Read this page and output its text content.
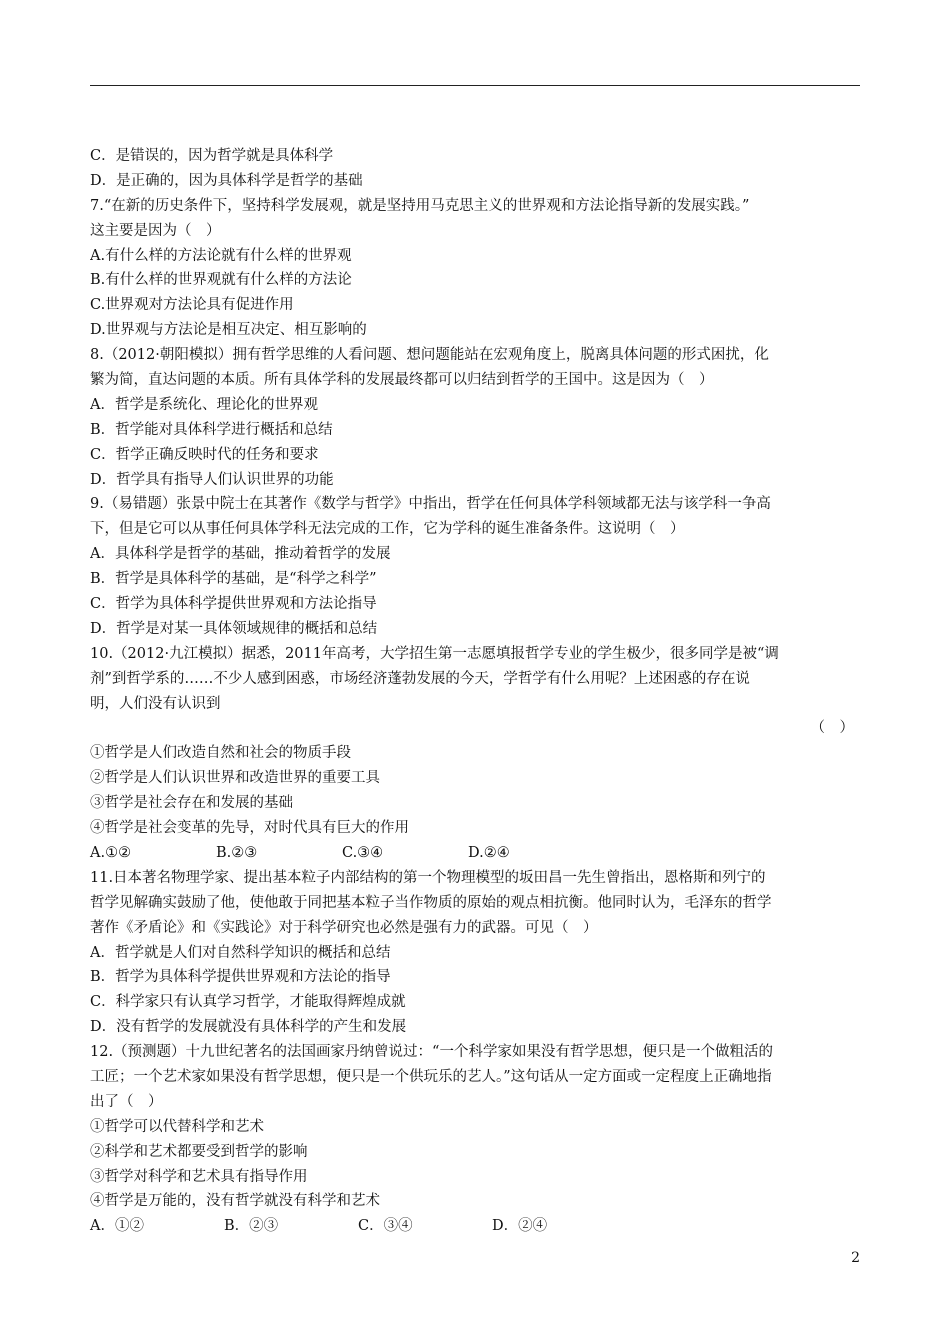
C．是错误的，因为哲学就是具体科学
D．是正确的，因为具体科学是哲学的基础
7.“在新的历史条件下，坚持科学发展观，就是坚持用马克思主义的世界观和方法论指导新的发展实践。”
这主要是因为（　）
A.有什么样的方法论就有什么样的世界观
B.有什么样的世界观就有什么样的方法论
C.世界观对方法论具有促进作用
D.世界观与方法论是相互决定、相互影响的
8.（2012·朝阳模拟）拥有哲学思维的人看问题、想问题能站在宏观角度上，脱离具体问题的形式困扰，化
繁为简，直达问题的本质。所有具体学科的发展最终都可以归结到哲学的王国中。这是因为（　）
A．哲学是系统化、理论化的世界观
B．哲学能对具体科学进行概括和总结
C．哲学正确反映时代的任务和要求
D．哲学具有指导人们认识世界的功能
9.（易错题）张景中院士在其著作《数学与哲学》中指出，哲学在任何具体学科领域都无法与该学科一争高
下，但是它可以从事任何具体学科无法完成的工作，它为学科的诞生准备条件。这说明（　）
A．具体科学是哲学的基础，推动着哲学的发展
B．哲学是具体科学的基础，是“科学之科学”
C．哲学为具体科学提供世界观和方法论指导
D．哲学是对某一具体领域规律的概括和总结
10.（2012·九江模拟）据悉，2011年高考，大学招生第一志愿填报哲学专业的学生极少，很多同学是被“调
剂”到哲学系的……不少人感到困惑，市场经济蓬勃发展的今天，学哲学有什么用呢？上述困惑的存在说
明，人们没有认识到
（　）
①哲学是人们改造自然和社会的物质手段
②哲学是人们认识世界和改造世界的重要工具
③哲学是社会存在和发展的基础
④哲学是社会变革的先导，对时代具有巨大的作用
A.①②	B.②③	C.③④	D.②④
11.日本著名物理学家、提出基本粒子内部结构的第一个物理模型的坂田昌一先生曾指出，恩格斯和列宁的
哲学见解确实鼓励了他，使他敢于同把基本粒子当作物质的原始的观点相抗衡。他同时认为，毛泽东的哲学
著作《矛盾论》和《实践论》对于科学研究也必然是强有力的武器。可见（　）
A．哲学就是人们对自然科学知识的概括和总结
B．哲学为具体科学提供世界观和方法论的指导
C．科学家只有认真学习哲学，才能取得辉煌成就
D．没有哲学的发展就没有具体科学的产生和发展
12.（预测题）十九世纪著名的法国画家丹纳曾说过：“一个科学家如果没有哲学思想，便只是一个做粗活的
工匠；一个艺术家如果没有哲学思想，便只是一个供玩乐的艺人。”这句话从一定方面或一定程度上正确地指
出了（　）
①哲学可以代替科学和艺术
②科学和艺术都要受到哲学的影响
③哲学对科学和艺术具有指导作用
④哲学是万能的，没有哲学就没有科学和艺术
A．①②	B．②③	C．③④	D．②④
2
